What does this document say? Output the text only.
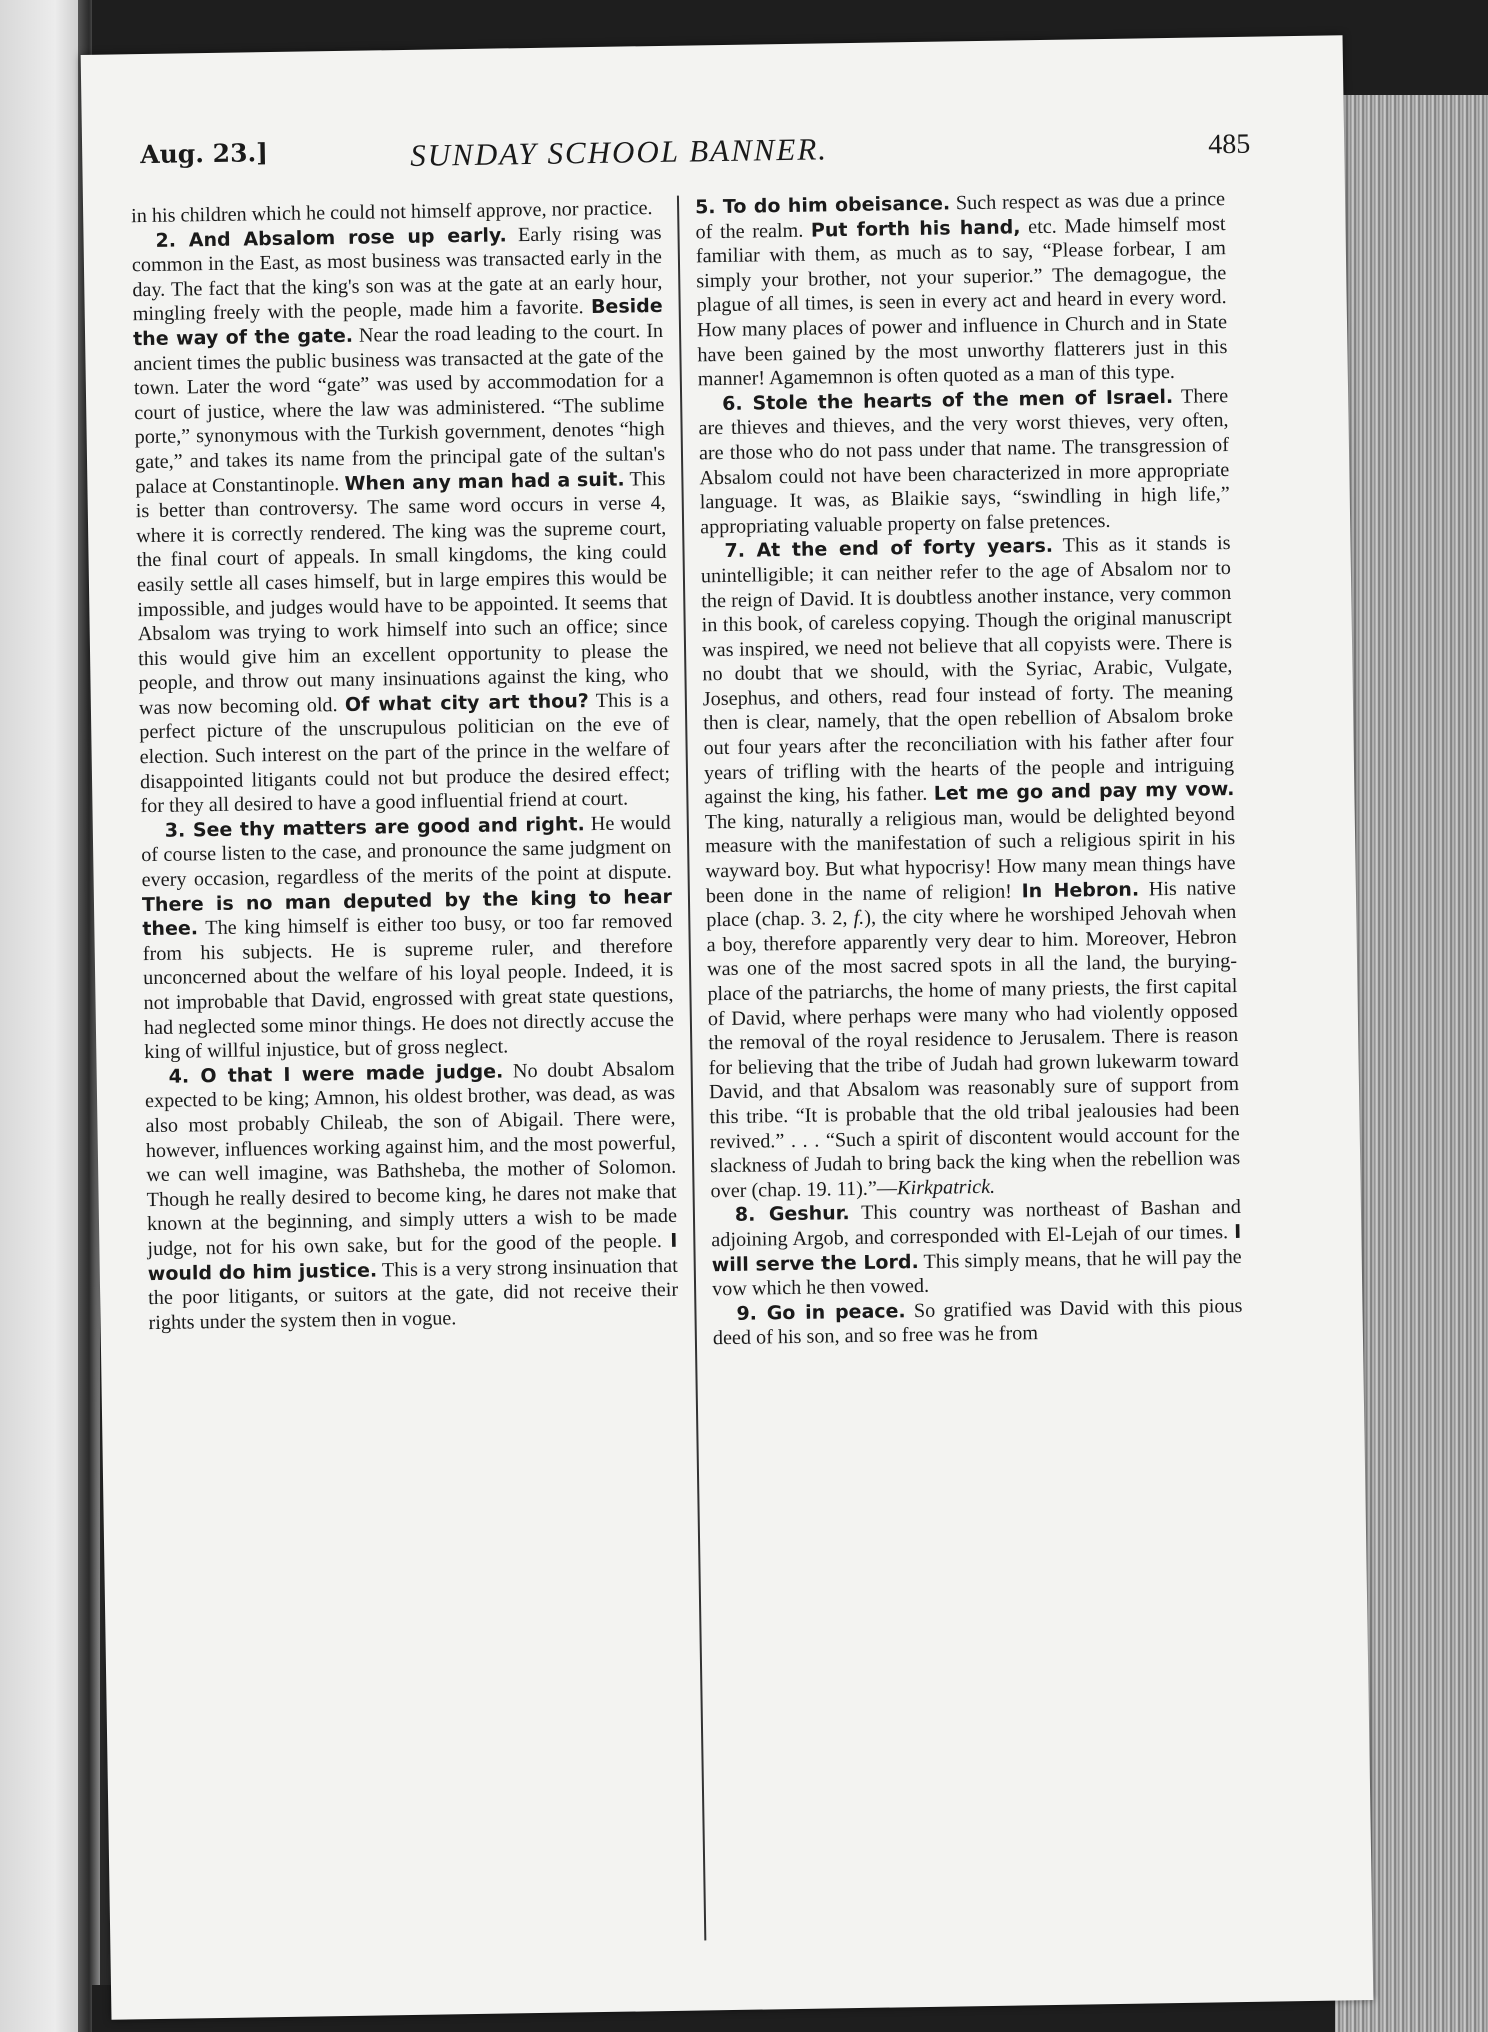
Aug. 23.]	SUNDAY SCHOOL BANNER.	485

in his children which he could not himself approve, nor practice.

2. And Absalom rose up early. Early rising was common in the East, as most business was transacted early in the day. The fact that the king's son was at the gate at an early hour, mingling freely with the people, made him a favorite. Beside the way of the gate. Near the road leading to the court. In ancient times the public business was transacted at the gate of the town. Later the word “gate” was used by accommodation for a court of justice, where the law was administered. “The sublime porte,” synonymous with the Turkish government, denotes “high gate,” and takes its name from the principal gate of the sultan's palace at Constantinople. When any man had a suit. This is better than controversy. The same word occurs in verse 4, where it is correctly rendered. The king was the supreme court, the final court of appeals. In small kingdoms, the king could easily settle all cases himself, but in large empires this would be impossible, and judges would have to be appointed. It seems that Absalom was trying to work himself into such an office; since this would give him an excellent opportunity to please the people, and throw out many insinuations against the king, who was now becoming old. Of what city art thou? This is a perfect picture of the unscrupulous politician on the eve of election. Such interest on the part of the prince in the welfare of disappointed litigants could not but produce the desired effect; for they all desired to have a good influential friend at court.

3. See thy matters are good and right. He would of course listen to the case, and pronounce the same judgment on every occasion, regardless of the merits of the point at dispute. There is no man deputed by the king to hear thee. The king himself is either too busy, or too far removed from his subjects. He is supreme ruler, and therefore unconcerned about the welfare of his loyal people. Indeed, it is not improbable that David, engrossed with great state questions, had neglected some minor things. He does not directly accuse the king of willful injustice, but of gross neglect.

4. O that I were made judge. No doubt Absalom expected to be king; Amnon, his oldest brother, was dead, as was also most probably Chileab, the son of Abigail. There were, however, influences working against him, and the most powerful, we can well imagine, was Bathsheba, the mother of Solomon. Though he really desired to become king, he dares not make that known at the beginning, and simply utters a wish to be made judge, not for his own sake, but for the good of the people. I would do him justice. This is a very strong insinuation that the poor litigants, or suitors at the gate, did not receive their rights under the system then in vogue.

5. To do him obeisance. Such respect as was due a prince of the realm. Put forth his hand, etc. Made himself most familiar with them, as much as to say, “Please forbear, I am simply your brother, not your superior.” The demagogue, the plague of all times, is seen in every act and heard in every word. How many places of power and influence in Church and in State have been gained by the most unworthy flatterers just in this manner! Agamemnon is often quoted as a man of this type.

6. Stole the hearts of the men of Israel. There are thieves and thieves, and the very worst thieves, very often, are those who do not pass under that name. The transgression of Absalom could not have been characterized in more appropriate language. It was, as Blaikie says, “swindling in high life,” appropriating valuable property on false pretences.

7. At the end of forty years. This as it stands is unintelligible; it can neither refer to the age of Absalom nor to the reign of David. It is doubtless another instance, very common in this book, of careless copying. Though the original manuscript was inspired, we need not believe that all copyists were. There is no doubt that we should, with the Syriac, Arabic, Vulgate, Josephus, and others, read four instead of forty. The meaning then is clear, namely, that the open rebellion of Absalom broke out four years after the reconciliation with his father after four years of trifling with the hearts of the people and intriguing against the king, his father. Let me go and pay my vow. The king, naturally a religious man, would be delighted beyond measure with the manifestation of such a religious spirit in his wayward boy. But what hypocrisy! How many mean things have been done in the name of religion! In Hebron. His native place (chap. 3. 2, f.), the city where he worshiped Jehovah when a boy, therefore apparently very dear to him. Moreover, Hebron was one of the most sacred spots in all the land, the burying-place of the patriarchs, the home of many priests, the first capital of David, where perhaps were many who had violently opposed the removal of the royal residence to Jerusalem. There is reason for believing that the tribe of Judah had grown lukewarm toward David, and that Absalom was reasonably sure of support from this tribe. “It is probable that the old tribal jealousies had been revived.” . . . “Such a spirit of discontent would account for the slackness of Judah to bring back the king when the rebellion was over (chap. 19. 11).”—Kirkpatrick.

8. Geshur. This country was northeast of Bashan and adjoining Argob, and corresponded with El-Lejah of our times. I will serve the Lord. This simply means, that he will pay the vow which he then vowed.

9. Go in peace. So gratified was David with this pious deed of his son, and so free was he from
